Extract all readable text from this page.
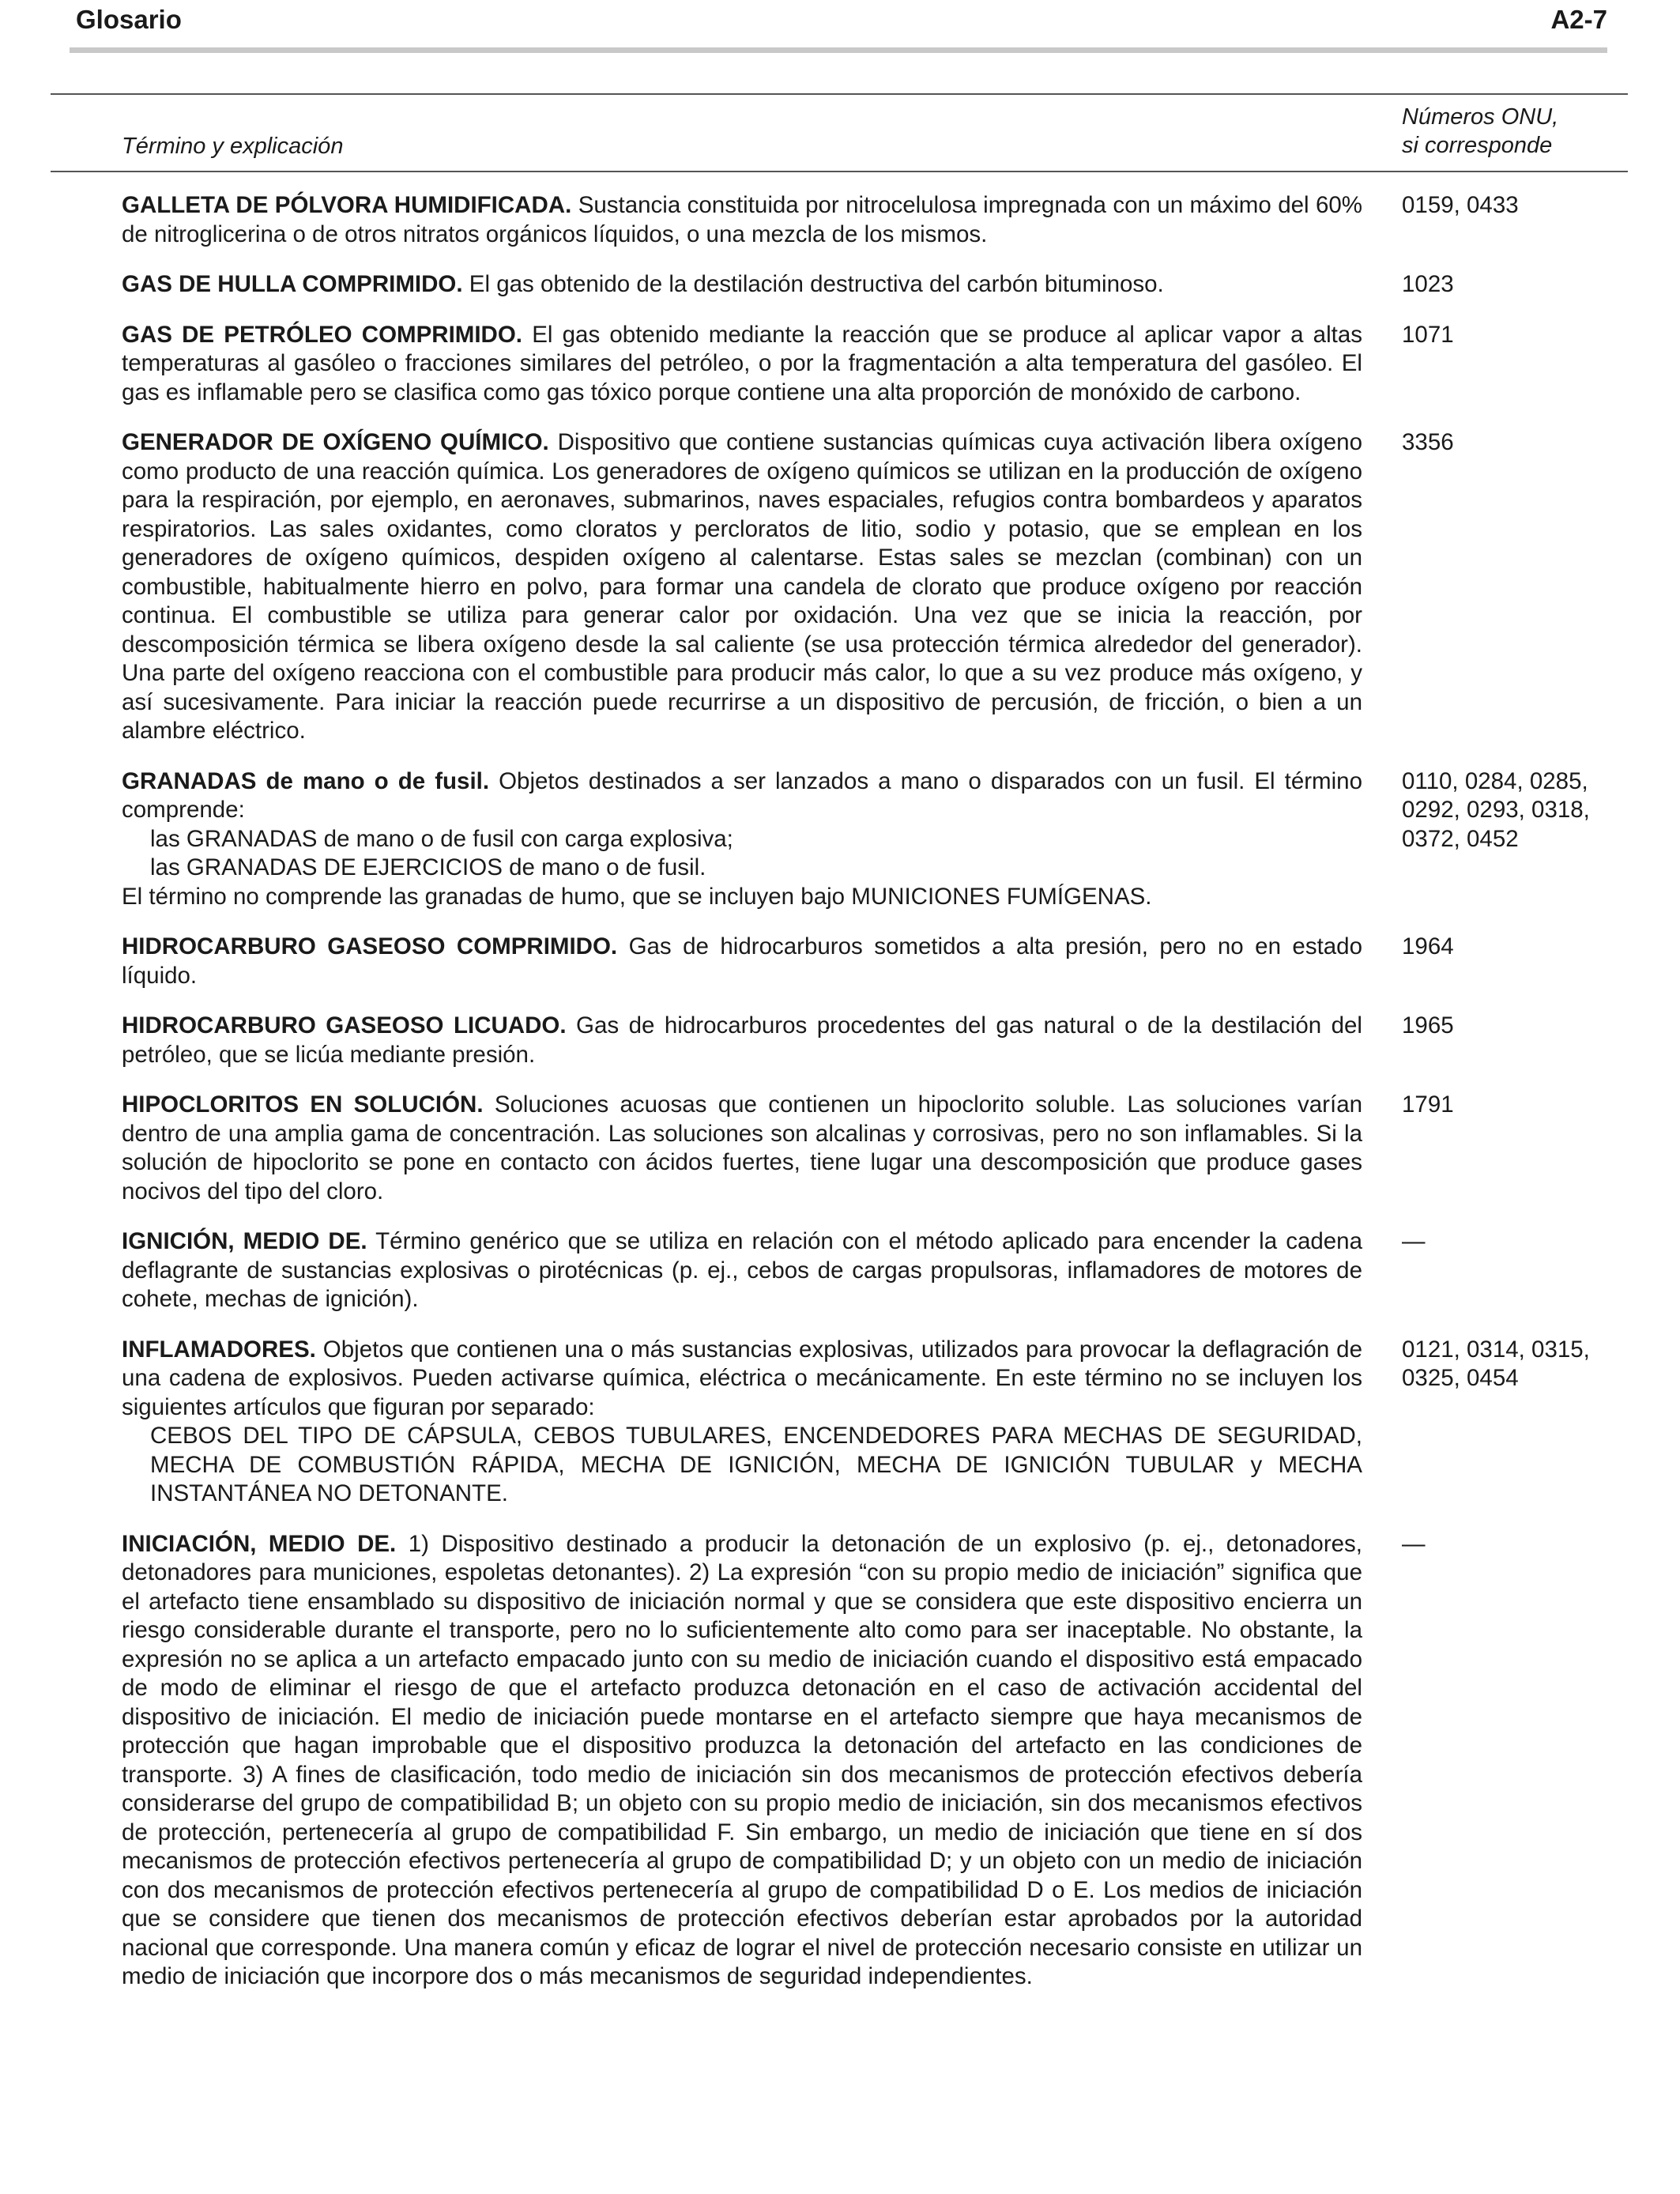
Glosario	A2-7
Término y explicación
Números ONU,
si corresponde
GALLETA DE PÓLVORA HUMIDIFICADA. Sustancia constituida por nitrocelulosa impregnada con un máximo del 60% de nitroglicerina o de otros nitratos orgánicos líquidos, o una mezcla de los mismos.
0159, 0433
GAS DE HULLA COMPRIMIDO. El gas obtenido de la destilación destructiva del carbón bituminoso.	1023
GAS DE PETRÓLEO COMPRIMIDO. El gas obtenido mediante la reacción que se produce al aplicar vapor a altas temperaturas al gasóleo o fracciones similares del petróleo, o por la fragmentación a alta temperatura del gasóleo. El gas es inflamable pero se clasifica como gas tóxico porque contiene una alta proporción de monóxido de carbono.
1071
GENERADOR DE OXÍGENO QUÍMICO. Dispositivo que contiene sustancias químicas cuya activación libera oxígeno como producto de una reacción química. Los generadores de oxígeno químicos se utilizan en la producción de oxígeno para la respiración, por ejemplo, en aeronaves, submarinos, naves espaciales, refugios contra bombardeos y aparatos respiratorios. Las sales oxidantes, como cloratos y percloratos de litio, sodio y potasio, que se emplean en los generadores de oxígeno químicos, despiden oxígeno al calentarse. Estas sales se mezclan (combinan) con un combustible, habitualmente hierro en polvo, para formar una candela de clorato que produce oxígeno por reacción continua. El combustible se utiliza para generar calor por oxidación. Una vez que se inicia la reacción, por descomposición térmica se libera oxígeno desde la sal caliente (se usa protección térmica alrededor del generador). Una parte del oxígeno reacciona con el combustible para producir más calor, lo que a su vez produce más oxígeno, y así sucesivamente. Para iniciar la reacción puede recurrirse a un dispositivo de percusión, de fricción, o bien a un alambre eléctrico.
3356

GRANADAS de mano o de fusil. Objetos destinados a ser lanzados a mano o disparados con un fusil. El término comprende:

las GRANADAS de mano o de fusil con carga explosiva;

las GRANADAS DE EJERCICIOS de mano o de fusil.

El término no comprende las granadas de humo, que se incluyen bajo MUNICIONES FUMÍGENAS.

0110, 0284, 0285, 0292, 0293, 0318, 0372, 0452
HIDROCARBURO GASEOSO COMPRIMIDO. Gas de hidrocarburos sometidos a alta presión, pero no en estado líquido.
1964
HIDROCARBURO GASEOSO LICUADO. Gas de hidrocarburos procedentes del gas natural o de la destilación del petróleo, que se licúa mediante presión.
1965
HIPOCLORITOS EN SOLUCIÓN. Soluciones acuosas que contienen un hipoclorito soluble. Las soluciones varían dentro de una amplia gama de concentración. Las soluciones son alcalinas y corrosivas, pero no son inflamables. Si la solución de hipoclorito se pone en contacto con ácidos fuertes, tiene lugar una descomposición que produce gases nocivos del tipo del cloro.
1791
IGNICIÓN, MEDIO DE. Término genérico que se utiliza en relación con el método aplicado para encender la cadena deflagrante de sustancias explosivas o pirotécnicas (p. ej., cebos de cargas propulsoras, inflamadores de motores de cohete, mechas de ignición).
—

INFLAMADORES. Objetos que contienen una o más sustancias explosivas, utilizados para provocar la deflagración de una cadena de explosivos. Pueden activarse química, eléctrica o mecánicamente. En este término no se incluyen los siguientes artículos que figuran por separado:

CEBOS DEL TIPO DE CÁPSULA, CEBOS TUBULARES, ENCENDEDORES PARA MECHAS DE SEGURIDAD, MECHA DE COMBUSTIÓN RÁPIDA, MECHA DE IGNICIÓN, MECHA DE IGNICIÓN TUBULAR y MECHA INSTANTÁNEA NO DETONANTE.

0121, 0314, 0315, 0325, 0454
INICIACIÓN, MEDIO DE. 1) Dispositivo destinado a producir la detonación de un explosivo (p. ej., detonadores, detonadores para municiones, espoletas detonantes). 2) La expresión “con su propio medio de iniciación” significa que el artefacto tiene ensamblado su dispositivo de iniciación normal y que se considera que este dispositivo encierra un riesgo considerable durante el transporte, pero no lo suficientemente alto como para ser inaceptable. No obstante, la expresión no se aplica a un artefacto empacado junto con su medio de iniciación cuando el dispositivo está empacado de modo de eliminar el riesgo de que el artefacto produzca detonación en el caso de activación accidental del dispositivo de iniciación. El medio de iniciación puede montarse en el artefacto siempre que haya mecanismos de protección que hagan improbable que el dispositivo produzca la detonación del artefacto en las condiciones de transporte. 3) A fines de clasificación, todo medio de iniciación sin dos mecanismos de protección efectivos debería considerarse del grupo de compatibilidad B; un objeto con su propio medio de iniciación, sin dos mecanismos efectivos de protección, pertenecería al grupo de compatibilidad F. Sin embargo, un medio de iniciación que tiene en sí dos mecanismos de protección efectivos pertenecería al grupo de compatibilidad D; y un objeto con un medio de iniciación con dos mecanismos de protección efectivos pertenecería al grupo de compatibilidad D o E. Los medios de iniciación que se considere que tienen dos mecanismos de protección efectivos deberían estar aprobados por la autoridad nacional que corresponde. Una manera común y eficaz de lograr el nivel de protección necesario consiste en utilizar un medio de iniciación que incorpore dos o más mecanismos de seguridad independientes.
—
